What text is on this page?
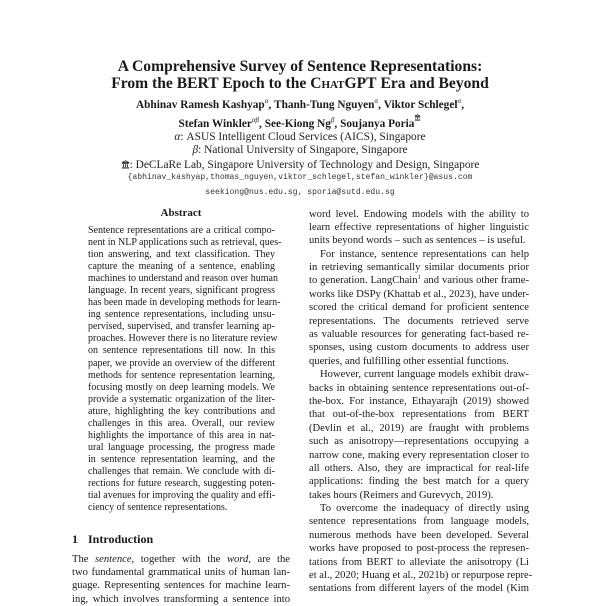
A Comprehensive Survey of Sentence Representations:
From the BERT Epoch to the ChatGPT Era and Beyond
Abhinav Ramesh Kashyap$^\alpha$, Thanh-Tung Nguyen$^\alpha$, Viktor Schlegel$^\alpha$,
Stefan Winkler$^{\alpha\beta}$, See-Kiong $Ng^\beta$, Soujanya Poria
α: ASUS Intelligent Cloud Services (AICS), Singapore
β: National University of Singapore, Singapore
: DeCLaRe Lab, Singapore University of Technology and Design, Singapore
{abhinav_kashyap,thomas_nguyen,viktor_schlegel,stefan_winkler}@asus.com
seekiong@nus.edu.sg, sporia@sutd.edu.sg
Abstract
Sentence representations are a critical compo-
nent in NLP applications such as retrieval, ques-
tion answering, and text classification. They
capture the meaning of a sentence, enabling
machines to understand and reason over human
language. In recent years, significant progress
has been made in developing methods for learn-
ing sentence representations, including unsu-
pervised, supervised, and transfer learning ap-
proaches. However there is no literature review
on sentence representations till now. In this
paper, we provide an overview of the different
methods for sentence representation learning,
focusing mostly on deep learning models. We
provide a systematic organization of the liter-
ature, highlighting the key contributions and
challenges in this area. Overall, our review
highlights the importance of this area in nat-
ural language processing, the progress made
in sentence representation learning, and the
challenges that remain. We conclude with di-
rections for future research, suggesting poten-
tial avenues for improving the quality and effi-
ciency of sentence representations.
1 Introduction
The sentence, together with the word, are the
two fundamental grammatical units of human lan-
guage. Representing sentences for machine learn-
ing, which involves transforming a sentence into
word level. Endowing models with the ability to
learn effective representations of higher linguistic
units beyond words – such as sentences – is useful.
For instance, sentence representations can help
in retrieving semantically similar documents prior
to generation. LangChain$^1$ and various other frame-
works like DSPy (Khattab et al., 2023), have under-
scored the critical demand for proficient sentence
representations. The documents retrieved serve
as valuable resources for generating fact-based re-
sponses, using custom documents to address user
queries, and fulfilling other essential functions.
However, current language models exhibit draw-
backs in obtaining sentence representations out-of-
the-box. For instance, Ethayarajh (2019) showed
that out-of-the-box representations from BERT
(Devlin et al., 2019) are fraught with problems
such as anisotropy—representations occupying a
narrow cone, making every representation closer to
all others. Also, they are impractical for real-life
applications: finding the best match for a query
takes hours (Reimers and Gurevych, 2019).
To overcome the inadequacy of directly using
sentence representations from language models,
numerous methods have been developed. Several
works have proposed to post-process the represen-
tations from BERT to alleviate the anisotropy (Li
et al., 2020; Huang et al., 2021b) or repurpose repre-
sentations from different layers of the model (Kim
